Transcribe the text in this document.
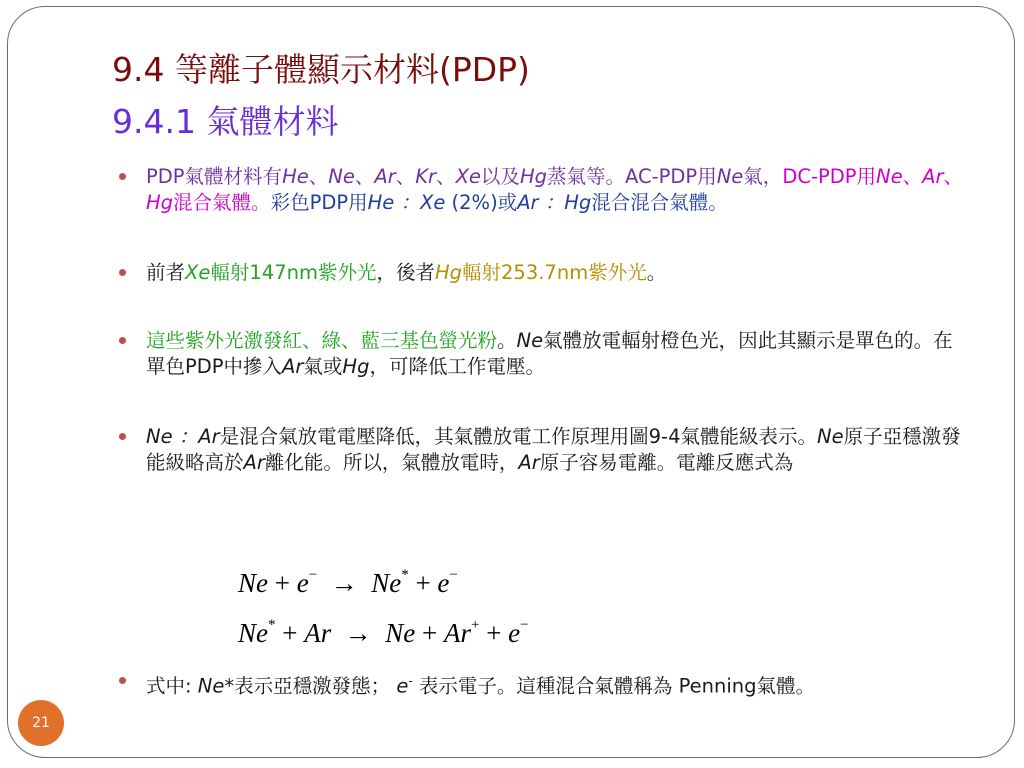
9.4 等離子體顯示材料(PDP)
9.4.1 氣體材料
PDP氣體材料有He、Ne、Ar、Kr、Xe以及Hg蒸氣等。AC-PDP用Ne氣，DC-PDP用Ne、Ar、Hg混合氣體。彩色PDP用He ：Xe (2%)或Ar ：Hg混合混合氣體。
前者Xe輻射147nm紫外光，後者Hg輻射253.7nm紫外光。
這些紫外光激發紅、綠、藍三基色螢光粉。Ne氣體放電輻射橙色光，因此其顯示是單色的。在單色PDP中摻入Ar氣或Hg，可降低工作電壓。
Ne ：Ar是混合氣放電電壓降低，其氣體放電工作原理用圖9-4氣體能級表示。Ne原子亞穩激發能級略高於Ar離化能。所以，氣體放電時，Ar原子容易電離。電離反應式為
Ne + e−  →  Ne* + e−
Ne* + Ar  →  Ne + Ar+ + e−
式中: Ne*表示亞穩激發態； e- 表示電子。這種混合氣體稱為 Penning氣體。
21
